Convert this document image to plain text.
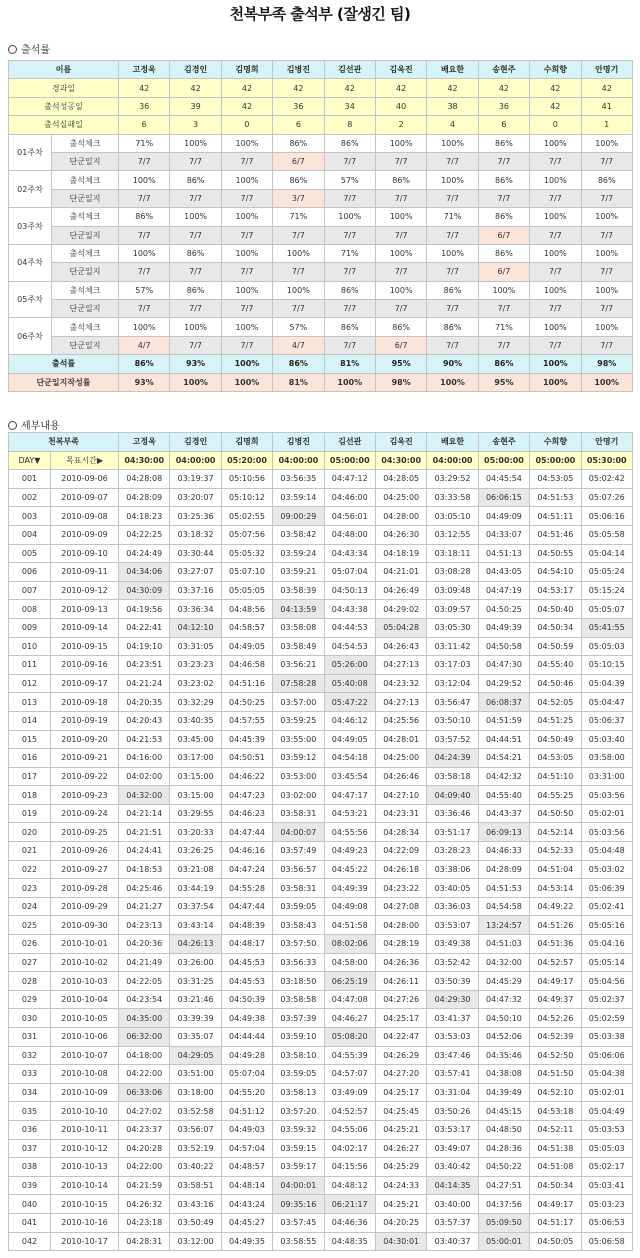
천복부족 출석부 (잘생긴 팀)
출석률
이름		고정욱	김경인	김명희	김병진	김선관	김욱진	배요한	송현주	수희향	안명기
경과일		42	42	42	42	42	42	42	42	42	42
출석성공일		36	39	42	36	34	40	38	36	42	41
출석실패일		6	3	0	6	8	2	4	6	0	1
01주차	출석체크	71%	100%	100%	86%	86%	100%	100%	86%	100%	100%
	단군일지	7/7	7/7	7/7	6/7	7/7	7/7	7/7	7/7	7/7	7/7
02주차	출석체크	100%	86%	100%	86%	57%	86%	100%	86%	100%	86%
	단군일지	7/7	7/7	7/7	3/7	7/7	7/7	7/7	7/7	7/7	7/7
03주차	출석체크	86%	100%	100%	71%	100%	100%	71%	86%	100%	100%
	단군일지	7/7	7/7	7/7	7/7	7/7	7/7	7/7	6/7	7/7	7/7
04주차	출석체크	100%	86%	100%	100%	71%	100%	100%	86%	100%	100%
	단군일지	7/7	7/7	7/7	7/7	7/7	7/7	7/7	6/7	7/7	7/7
05주차	출석체크	57%	86%	100%	100%	86%	100%	86%	100%	100%	100%
	단군일지	7/7	7/7	7/7	7/7	7/7	7/7	7/7	7/7	7/7	7/7
06주차	출석체크	100%	100%	100%	57%	86%	86%	86%	71%	100%	100%
	단군일지	4/7	7/7	7/7	4/7	7/7	6/7	7/7	7/7	7/7	7/7
출석률		86%	93%	100%	86%	81%	95%	90%	86%	100%	98%
단군일지작성률		93%	100%	100%	81%	100%	98%	100%	95%	100%	100%
세부내용
천복부족		고정욱	김경인	김명희	김병진	김선관	김욱진	배요한	송현주	수희향	안명기
DAY▼	목표시간▶	04:30:00	04:00:00	05:20:00	04:00:00	05:00:00	04:30:00	04:00:00	05:00:00	05:00:00	05:30:00
001	2010-09-06	04:28:08	03:19:37	05:10:56	03:56:35	04:47:12	04:28:05	03:29:52	04:45:54	04:53:05	05:02:42
002	2010-09-07	04:28:09	03:20:07	05:10:12	03:59:14	04:46:00	04:25:00	03:33:58	06:06:15	04:51:53	05:07:26
003	2010-09-08	04:18:23	03:25:36	05:02:55	09:00:29	04:56:01	04:28:00	03:05:10	04:49:09	04:51:11	05:06:16
004	2010-09-09	04:22:25	03:18:32	05:07:56	03:58:42	04:48:00	04:26:30	03:12:55	04:33:07	04:51:46	05:05:58
005	2010-09-10	04:24:49	03:30:44	05:05:32	03:59:24	04:43:34	04:18:19	03:18:11	04:51:13	04:50:55	05:04:14
006	2010-09-11	04:34:06	03:27:07	05:07:10	03:59:21	05:07:04	04:21:01	03:08:28	04:43:05	04:54:10	05:05:24
007	2010-09-12	04:30:09	03:37:16	05:05:05	03:58:39	04:50:13	04:26:49	03:09:48	04:47:19	04:53:17	05:15:24
008	2010-09-13	04:19:56	03:36:34	04:48:56	04:13:59	04:43:38	04:29:02	03:09:57	04:50:25	04:50:40	05:05:07
009	2010-09-14	04:22:41	04:12:10	04:58:57	03:58:08	04:44:53	05:04:28	03:05:30	04:49:39	04:50:34	05:41:55
010	2010-09-15	04:19:10	03:31:05	04:49:05	03:58:49	04:54:53	04:26:43	03:11:42	04:50:58	04:50:59	05:05:03
011	2010-09-16	04:23:51	03:23:23	04:46:58	03:56:21	05:26:00	04:27:13	03:17:03	04:47:30	04:55:40	05:10:15
012	2010-09-17	04:21:24	03:23:02	04:51:16	07:58:28	05:40:08	04:23:32	03:12:04	04:29:52	04:50:46	05:04:39
013	2010-09-18	04:20:35	03:32:29	04:50:25	03:57:00	05:47:22	04:27:13	03:56:47	06:08:37	04:52:05	05:04:47
014	2010-09-19	04:20:43	03:40:35	04:57:55	03:59:25	04:46:12	04:25:56	03:50:10	04:51:59	04:51:25	05:06:37
015	2010-09-20	04:21:53	03:45:00	04:45:39	03:55:00	04:49:05	04:28:01	03:57:52	04:44:51	04:50:49	05:03:40
016	2010-09-21	04:16:00	03:17:00	04:50:51	03:59:12	04:54:18	04:25:00	04:24:39	04:54:21	04:53:05	03:58:00
017	2010-09-22	04:02:00	03:15:00	04:46:22	03:53:00	03:45:54	04:26:46	03:58:18	04:42:32	04:51:10	03:31:00
018	2010-09-23	04:32:00	03:15:00	04:47:23	03:02:00	04:47:17	04:27:10	04:09:40	04:55:40	04:55:25	05:03:56
019	2010-09-24	04:21:14	03:29:55	04:46:23	03:58:31	04:53:21	04:23:31	03:36:46	04:43:37	04:50:50	05:02:01
020	2010-09-25	04:21:51	03:20:33	04:47:44	04:00:07	04:55:56	04:28:34	03:51:17	06:09:13	04:52:14	05:03:56
021	2010-09-26	04:24:41	03:26:25	04:46:16	03:57:49	04:49:23	04:22:09	03:28:23	04:46:33	04:52:33	05:04:48
022	2010-09-27	04:18:53	03:21:08	04:47:24	03:56:57	04:45:22	04:26:18	03:38:06	04:28:09	04:51:04	05:03:02
023	2010-09-28	04:25:46	03:44:19	04:55:28	03:58:31	04:49:39	04:23:22	03:40:05	04:51:53	04:53:14	05:06:39
024	2010-09-29	04:21:27	03:37:54	04:47:44	03:59:05	04:49:08	04:27:08	03:36:03	04:54:58	04:49:22	05:02:41
025	2010-09-30	04:23:13	03:43:14	04:48:39	03:58:43	04:51:58	04:28:00	03:53:07	13:24:57	04:51:26	05:05:16
026	2010-10-01	04:20:36	04:26:13	04:48:17	03:57:50	08:02:06	04:28:19	03:49:38	04:51:03	04:51:36	05:04:16
027	2010-10-02	04:21:49	03:26:00	04:45:53	03:56:33	04:58:00	04:26:36	03:52:42	04:32:00	04:52:57	05:05:14
028	2010-10-03	04:22:05	03:31:25	04:45:53	03:18:50	06:25:19	04:26:11	03:50:39	04:45:29	04:49:17	05:04:56
029	2010-10-04	04:23:54	03:21:46	04:50:39	03:58:58	04:47:08	04:27:26	04:29:30	04:47:32	04:49:37	05:02:37
030	2010-10-05	04:35:00	03:39:39	04:49:38	03:57:39	04:46:27	04:25:17	03:41:37	04:50:10	04:52:26	05:02:59
031	2010-10-06	06:32:00	03:35:07	04:44:44	03:59:10	05:08:20	04:22:47	03:53:03	04:52:06	04:52:39	05:03:38
032	2010-10-07	04:18:00	04:29:05	04:49:28	03:58:10	04:55:39	04:26:29	03:47:46	04:35:46	04:52:50	05:06:06
033	2010-10-08	04:22:00	03:51:00	05:07:04	03:59:05	04:57:07	04:27:20	03:57:41	04:38:08	04:51:50	05:04:38
034	2010-10-09	06:33:06	03:18:00	04:55:20	03:58:13	03:49:09	04:25:17	03:31:04	04:39:49	04:52:10	05:02:01
035	2010-10-10	04:27:02	03:52:58	04:51:12	03:57:20	04:52:57	04:25:45	03:50:26	04:45:15	04:53:18	05:04:49
036	2010-10-11	04:23:37	03:56:07	04:49:03	03:59:32	04:55:06	04:25:21	03:53:17	04:48:50	04:52:11	05:03:53
037	2010-10-12	04:20:28	03:52:19	04:57:04	03:59:15	04:02:17	04:26:27	03:49:07	04:28:36	04:51:38	05:05:03
038	2010-10-13	04:22:00	03:40:22	04:48:57	03:59:17	04:15:56	04:25:29	03:40:42	04:50:22	04:51:08	05:02:17
039	2010-10-14	04:21:59	03:58:51	04:48:14	04:00:01	04:48:12	04:24:33	04:14:35	04:27:51	04:50:34	05:03:41
040	2010-10-15	04:26:32	03:43:16	04:43:24	09:35:16	06:21:17	04:25:21	03:40:00	04:37:56	04:49:17	05:03:23
041	2010-10-16	04:23:18	03:50:49	04:45:27	03:57:45	04:46:36	04:20:25	03:57:37	05:09:50	04:51:17	05:06:53
042	2010-10-17	04:28:31	03:12:00	04:49:35	03:58:55	04:48:35	04:30:01	03:40:37	05:00:01	04:50:05	05:06:58
